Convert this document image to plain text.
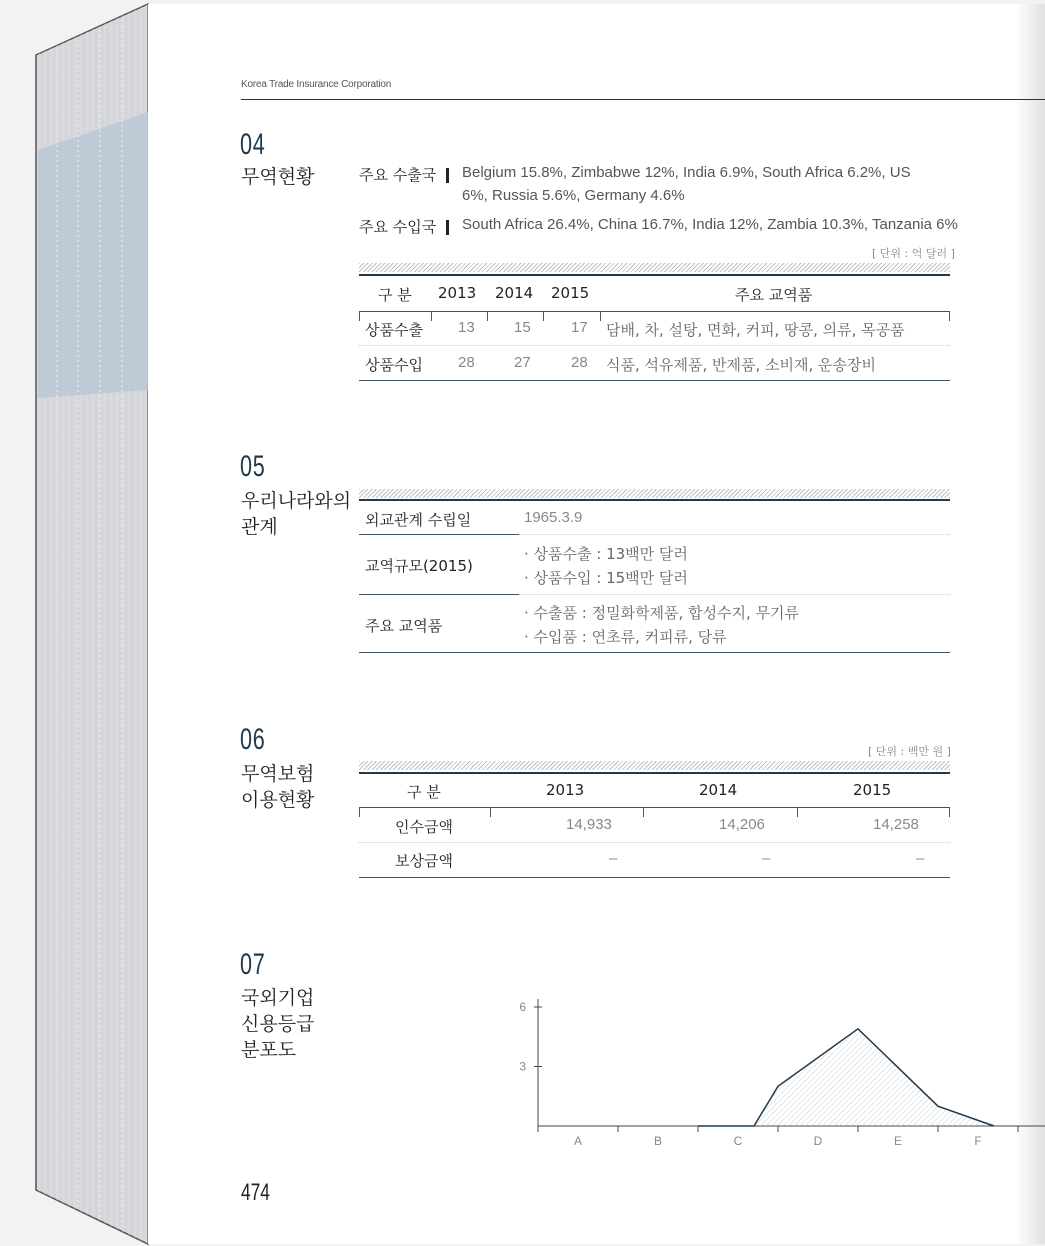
Korea Trade Insurance Corporation
04
무역현황	주요 수출국	Belgium 15.8%, Zimbabwe 12%, India 6.9%, South Africa 6.2%, US
6%, Russia 5.6%, Germany 4.6%
주요 수입국	South Africa 26.4%, China 16.7%, India 12%, Zambia 10.3%, Tanzania 6%
[ 단위 : 억 달러 ]
구 분 2013 2014 2015	주요 교역품
상품수출 13	15	17 담배, 차, 설탕, 면화, 커피, 땅콩, 의류, 목공품
상품수입 28	27	28 식품, 석유제품, 반제품, 소비재, 운송장비
05
우리나라와의
관계	외교관계 수립일	1965.3.9
교역규모(2015)
· 상품수출 : 13백만 달러
· 상품수입 : 15백만 달러
주요 교역품
· 수출품 : 정밀화학제품, 합성수지, 무기류
· 수입품 : 연초류, 커피류, 당류
06
무역보험
이용현황
[ 단위 : 백만 원 ]
구 분	2013	2014	2015
인수금액	14,933	14,206	14,258
보상금액	–	–	–
07
국외기업
신용등급
분포도
3
6
A	B	C	D	E	F
474
